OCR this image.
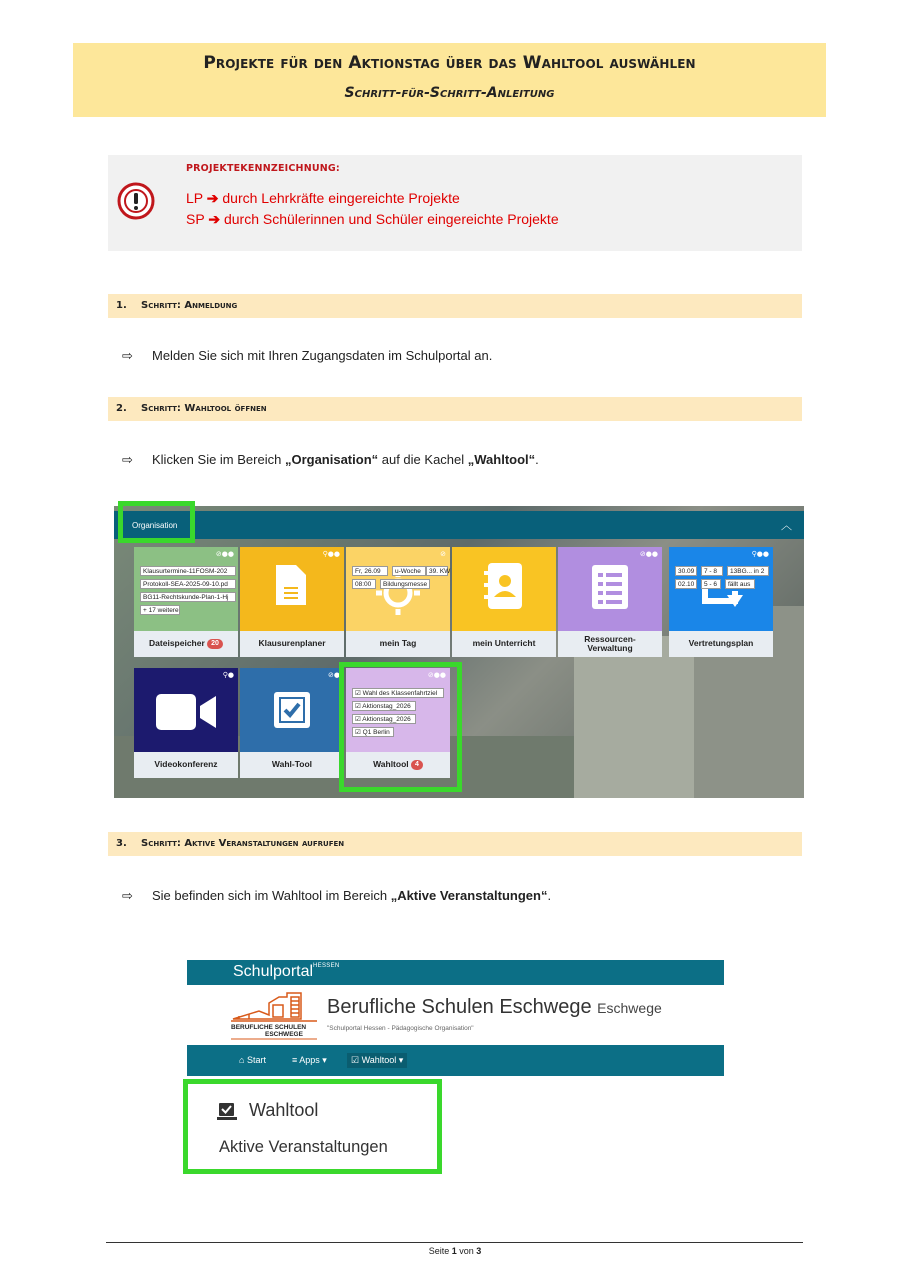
Projekte für den Aktionstag über das Wahltool auswählen
Schritt-für-Schritt-Anleitung
PROJEKTEKENNZEICHNUNG:
LP ➔ durch Lehrkräfte eingereichte Projekte
SP ➔ durch Schülerinnen und Schüler eingereichte Projekte
1. Schritt: Anmeldung
⇨ Melden Sie sich mit Ihren Zugangsdaten im Schulportal an.
2. Schritt: Wahltool öffnen
⇨ Klicken Sie im Bereich „Organisation“ auf die Kachel „Wahltool“.
Organisation	︿
⊘●●
Klausurtermine-11FOSM-202
Protokoll-SEA-2025-09-10.pd
BG11-Rechtskunde-Plan-1-Hj
+ 17 weitere
Dateispeicher 20
⚲●●
Klausurenplaner
⊘
Fr, 26.09	u-Woche	39. KW
08:00	Bildungsmesse
mein Tag	mein Unterricht
⊘●●
Ressourcen-
Verwaltung
⚲●●
30.09	7 - 8	13BG... in 2
02.10	5 - 6	fällt aus
Vertretungsplan
⚲●
Videokonferenz
⊘●
Wahl-Tool
⊘●●
☑ Wahl des Klassenfahrtziel
☑ Aktionstag_2026
☑ Aktionstag_2026
☑ Q1 Berlin
Wahltool 4
3. Schritt: Aktive Veranstaltungen aufrufen
⇨ Sie befinden sich im Wahltool im Bereich „Aktive Veranstaltungen“.
Schulportal$^{HESSEN}$
BERUFLICHE SCHULEN
ESCHWEGE
Berufliche Schulen Eschwege Eschwege
"Schulportal Hessen - Pädagogische Organisation"
⌂ Start	≡ Apps ▾	☑ Wahltool ▾
Wahltool
Aktive Veranstaltungen
Seite 1 von 3
